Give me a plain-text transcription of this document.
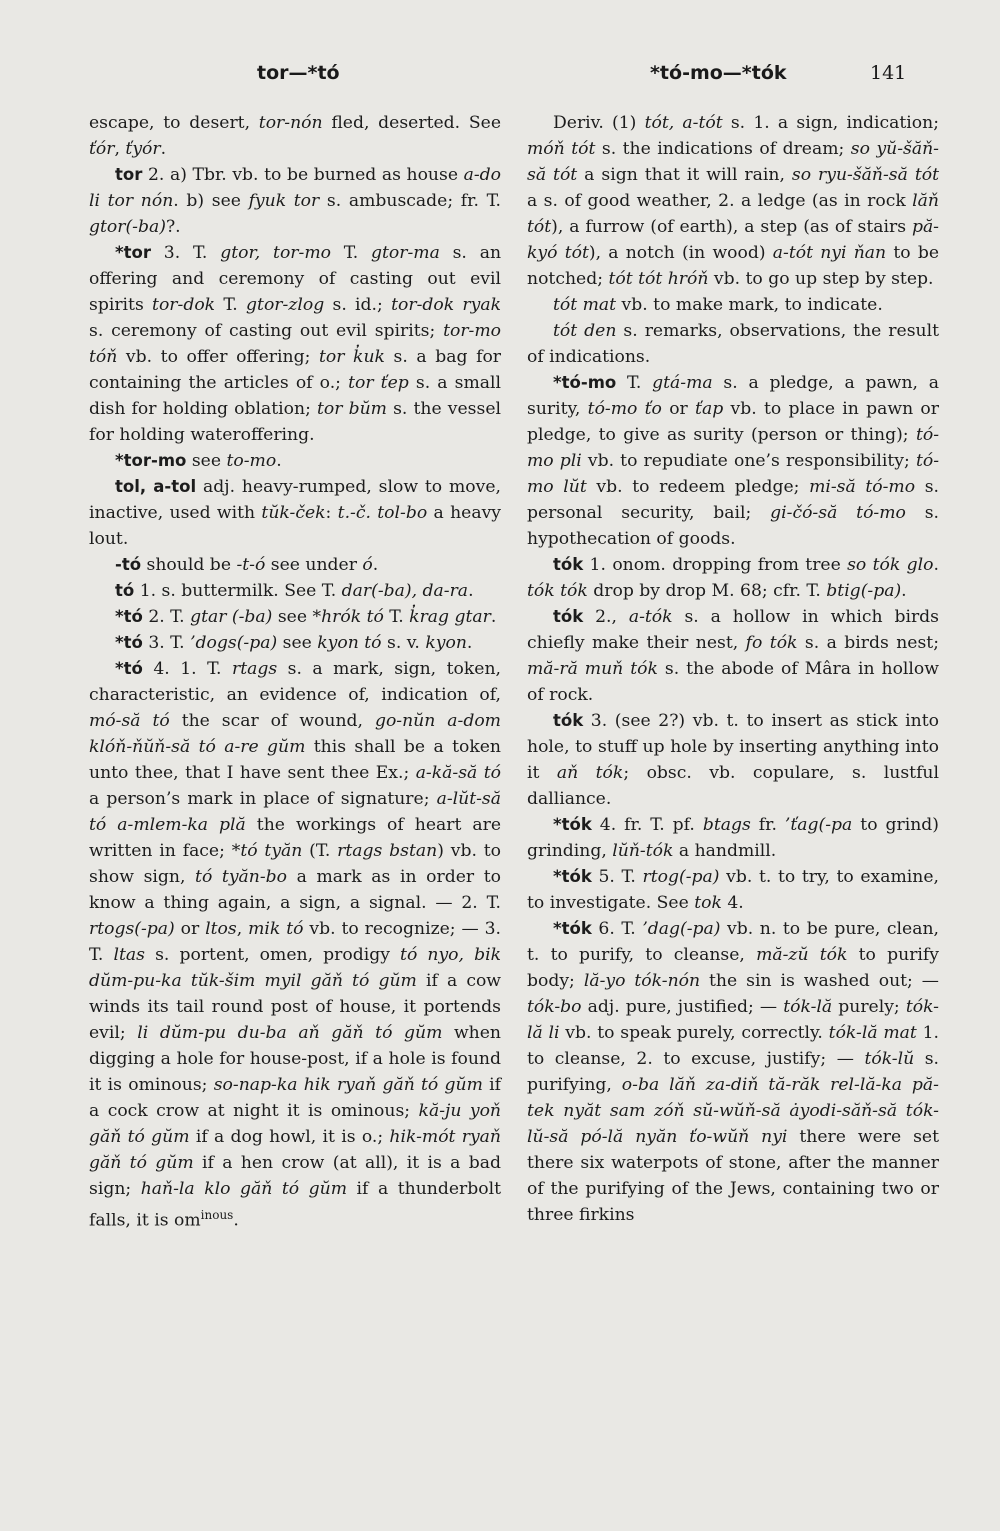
tor—*tó	*tó-mo—*tók	141

escape, to desert, tor-nón fled, deserted. See ťór, ťyór.

tor 2. a) Tbr. vb. to be burned as house a-do li tor nón. b) see fyuk tor s. ambuscade; fr. T. gtor(-ba)?.

*tor 3. T. gtor, tor-mo T. gtor-ma s. an offering and ceremony of casting out evil spirits tor-dok T. gtor-zlog s. id.; tor-dok ryak s. ceremony of casting out evil spirits; tor-mo tóň vb. to offer offering; tor k̓uk s. a bag for containing the articles of o.; tor ťep s. a small dish for holding oblation; tor bŭm s. the vessel for holding wateroffering.

*tor-mo see to-mo.

tol, a-tol adj. heavy-rumped, slow to move, inactive, used with tŭk-ček: t.-č. tol-bo a heavy lout.

-tó should be -t-ó see under ó.

tó 1. s. buttermilk. See T. dar(-ba), da-ra.

*tó 2. T. gtar (-ba) see *hrók tó T. k̓rag gtar.

*tó 3. T. ’dogs(-pa) see kyon tó s. v. kyon.

*tó 4. 1. T. rtags s. a mark, sign, token, characteristic, an evidence of, indication of, mó-să tó the scar of wound, go-nŭn a-dom klóň-ňŭň-să tó a-re gŭm this shall be a token unto thee, that I have sent thee Ex.; a-kă-să tó a person’s mark in place of signature; a-lŭt-să tó a-mlem-ka plă the workings of heart are written in face; *tó tyăn (T. rtags bstan) vb. to show sign, tó tyăn-bo a mark as in order to know a thing again, a sign, a signal. — 2. T. rtogs(-pa) or ltos, mik tó vb. to recognize; — 3. T. ltas s. portent, omen, prodigy tó nyo, bik dŭm-pu-ka tŭk-šim myil găň tó gŭm if a cow winds its tail round post of house, it portends evil; li dŭm-pu du-ba aň găň tó gŭm when digging a hole for house-post, if a hole is found it is ominous; so-nap-ka hik ryaň găň tó gŭm if a cock crow at night it is ominous; kă-ju yoň găň tó gŭm if a dog howl, it is o.; hik-mót ryaň găň tó gŭm if a hen crow (at all), it is a bad sign; haň-la klo găň tó gŭm if a thunderbolt falls, it is $om^{inous}$.

Deriv. (1) tót, a-tót s. 1. a sign, indication; móň tót s. the indications of dream; so yŭ-šăň-să tót a sign that it will rain, so ryu-šăň-să tót a s. of good weather, 2. a ledge (as in rock lăň tót), a furrow (of earth), a step (as of stairs pă-kyó tót), a notch (in wood) a-tót nyi ňan to be notched; tót tót hróň vb. to go up step by step.

tót mat vb. to make mark, to indicate.

tót den s. remarks, observations, the result of indications.

*tó-mo T. gtá-ma s. a pledge, a pawn, a surity, tó-mo ťo or ťap vb. to place in pawn or pledge, to give as surity (person or thing); tó-mo pli vb. to repudiate one’s responsibility; tó-mo lŭt vb. to redeem pledge; mi-să tó-mo s. personal security, bail; gi-čó-să tó-mo s. hypothecation of goods.

tók 1. onom. dropping from tree so tók glo. tók tók drop by drop M. 68; cfr. T. btig(-pa).

tók 2., a-tók s. a hollow in which birds chiefly make their nest, fo tók s. a birds nest; mă-ră muň tók s. the abode of Mâra in hollow of rock.

tók 3. (see 2?) vb. t. to insert as stick into hole, to stuff up hole by inserting anything into it aň tók; obsc. vb. copulare, s. lustful dalliance.

*tók 4. fr. T. pf. btags fr. ’ťag(-pa to grind) grinding, lŭň-tók a handmill.

*tók 5. T. rtog(-pa) vb. t. to try, to examine, to investigate. See tok 4.

*tók 6. T. ’dag(-pa) vb. n. to be pure, clean, t. to purify, to cleanse, mă-zŭ tók to purify body; lă-yo tók-nón the sin is washed out; — tók-bo adj. pure, justified; — tók-lă purely; tók-lă li vb. to speak purely, correctly. tók-lă mat 1. to cleanse, 2. to excuse, justify; — tók-lŭ s. purifying, o-ba lăň za-diň tă-răk rel-lă-ka pă-tek nyăt sam zóň sŭ-wŭň-să ȧyodi-săň-să tók-lŭ-să pó-lă nyăn ťo-wŭň nyi there were set there six waterpots of stone, after the manner of the purifying of the Jews, containing two or three firkins
